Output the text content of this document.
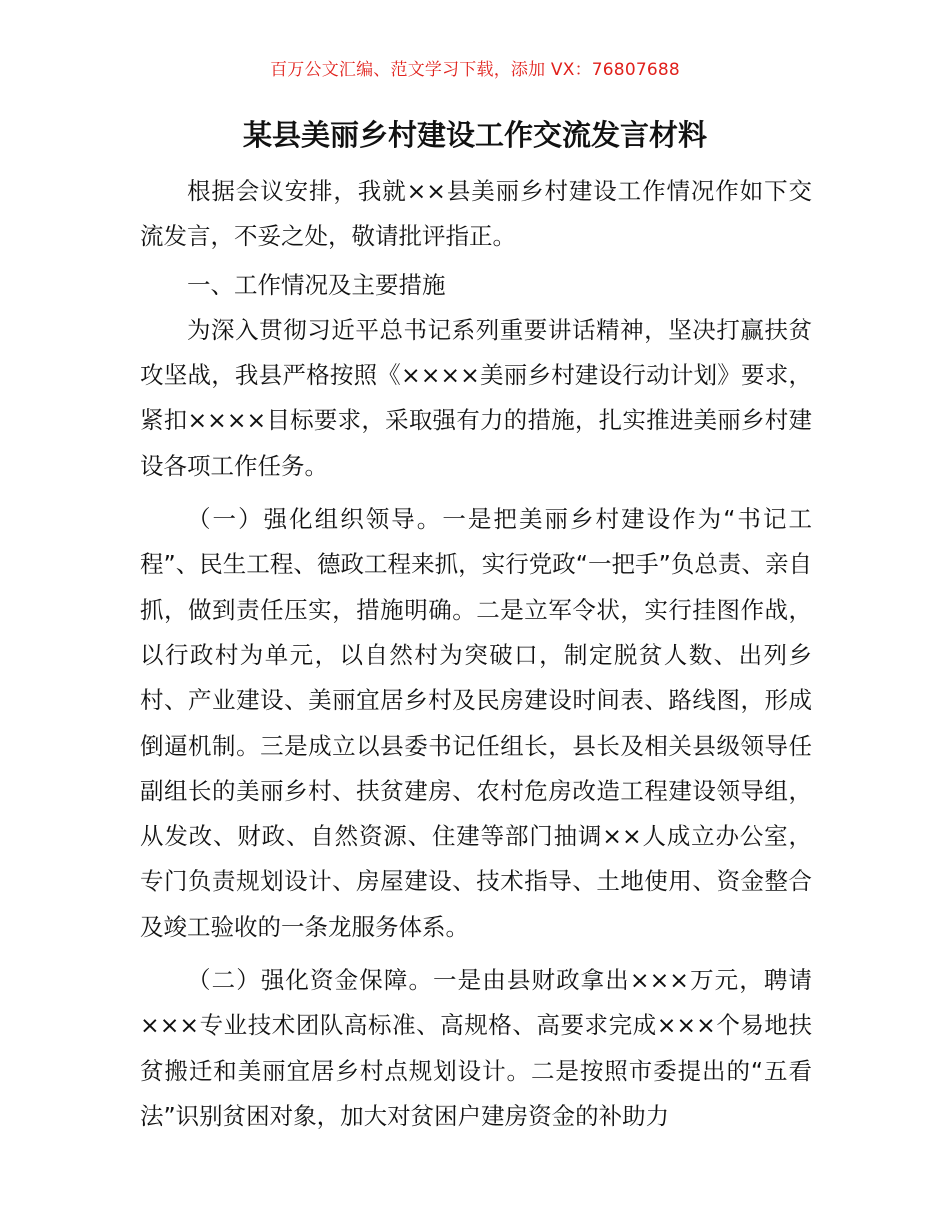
百万公文汇编、范文学习下载，添加 VX：76807688
某县美丽乡村建设工作交流发言材料

根据会议安排，我就××县美丽乡村建设工作情况作如下交流发言，不妥之处，敬请批评指正。

一、工作情况及主要措施

为深入贯彻习近平总书记系列重要讲话精神，坚决打赢扶贫攻坚战，我县严格按照《××××美丽乡村建设行动计划》要求，紧扣××××目标要求，采取强有力的措施，扎实推进美丽乡村建设各项工作任务。

（一）强化组织领导。一是把美丽乡村建设作为“书记工程”、民生工程、德政工程来抓，实行党政“一把手”负总责、亲自抓，做到责任压实，措施明确。二是立军令状，实行挂图作战，以行政村为单元，以自然村为突破口，制定脱贫人数、出列乡村、产业建设、美丽宜居乡村及民房建设时间表、路线图，形成倒逼机制。三是成立以县委书记任组长，县长及相关县级领导任副组长的美丽乡村、扶贫建房、农村危房改造工程建设领导组，从发改、财政、自然资源、住建等部门抽调××人成立办公室，专门负责规划设计、房屋建设、技术指导、土地使用、资金整合及竣工验收的一条龙服务体系。

（二）强化资金保障。一是由县财政拿出×××万元，聘请×××专业技术团队高标准、高规格、高要求完成×××个易地扶贫搬迁和美丽宜居乡村点规划设计。二是按照市委提出的“五看法”识别贫困对象，加大对贫困户建房资金的补助力
